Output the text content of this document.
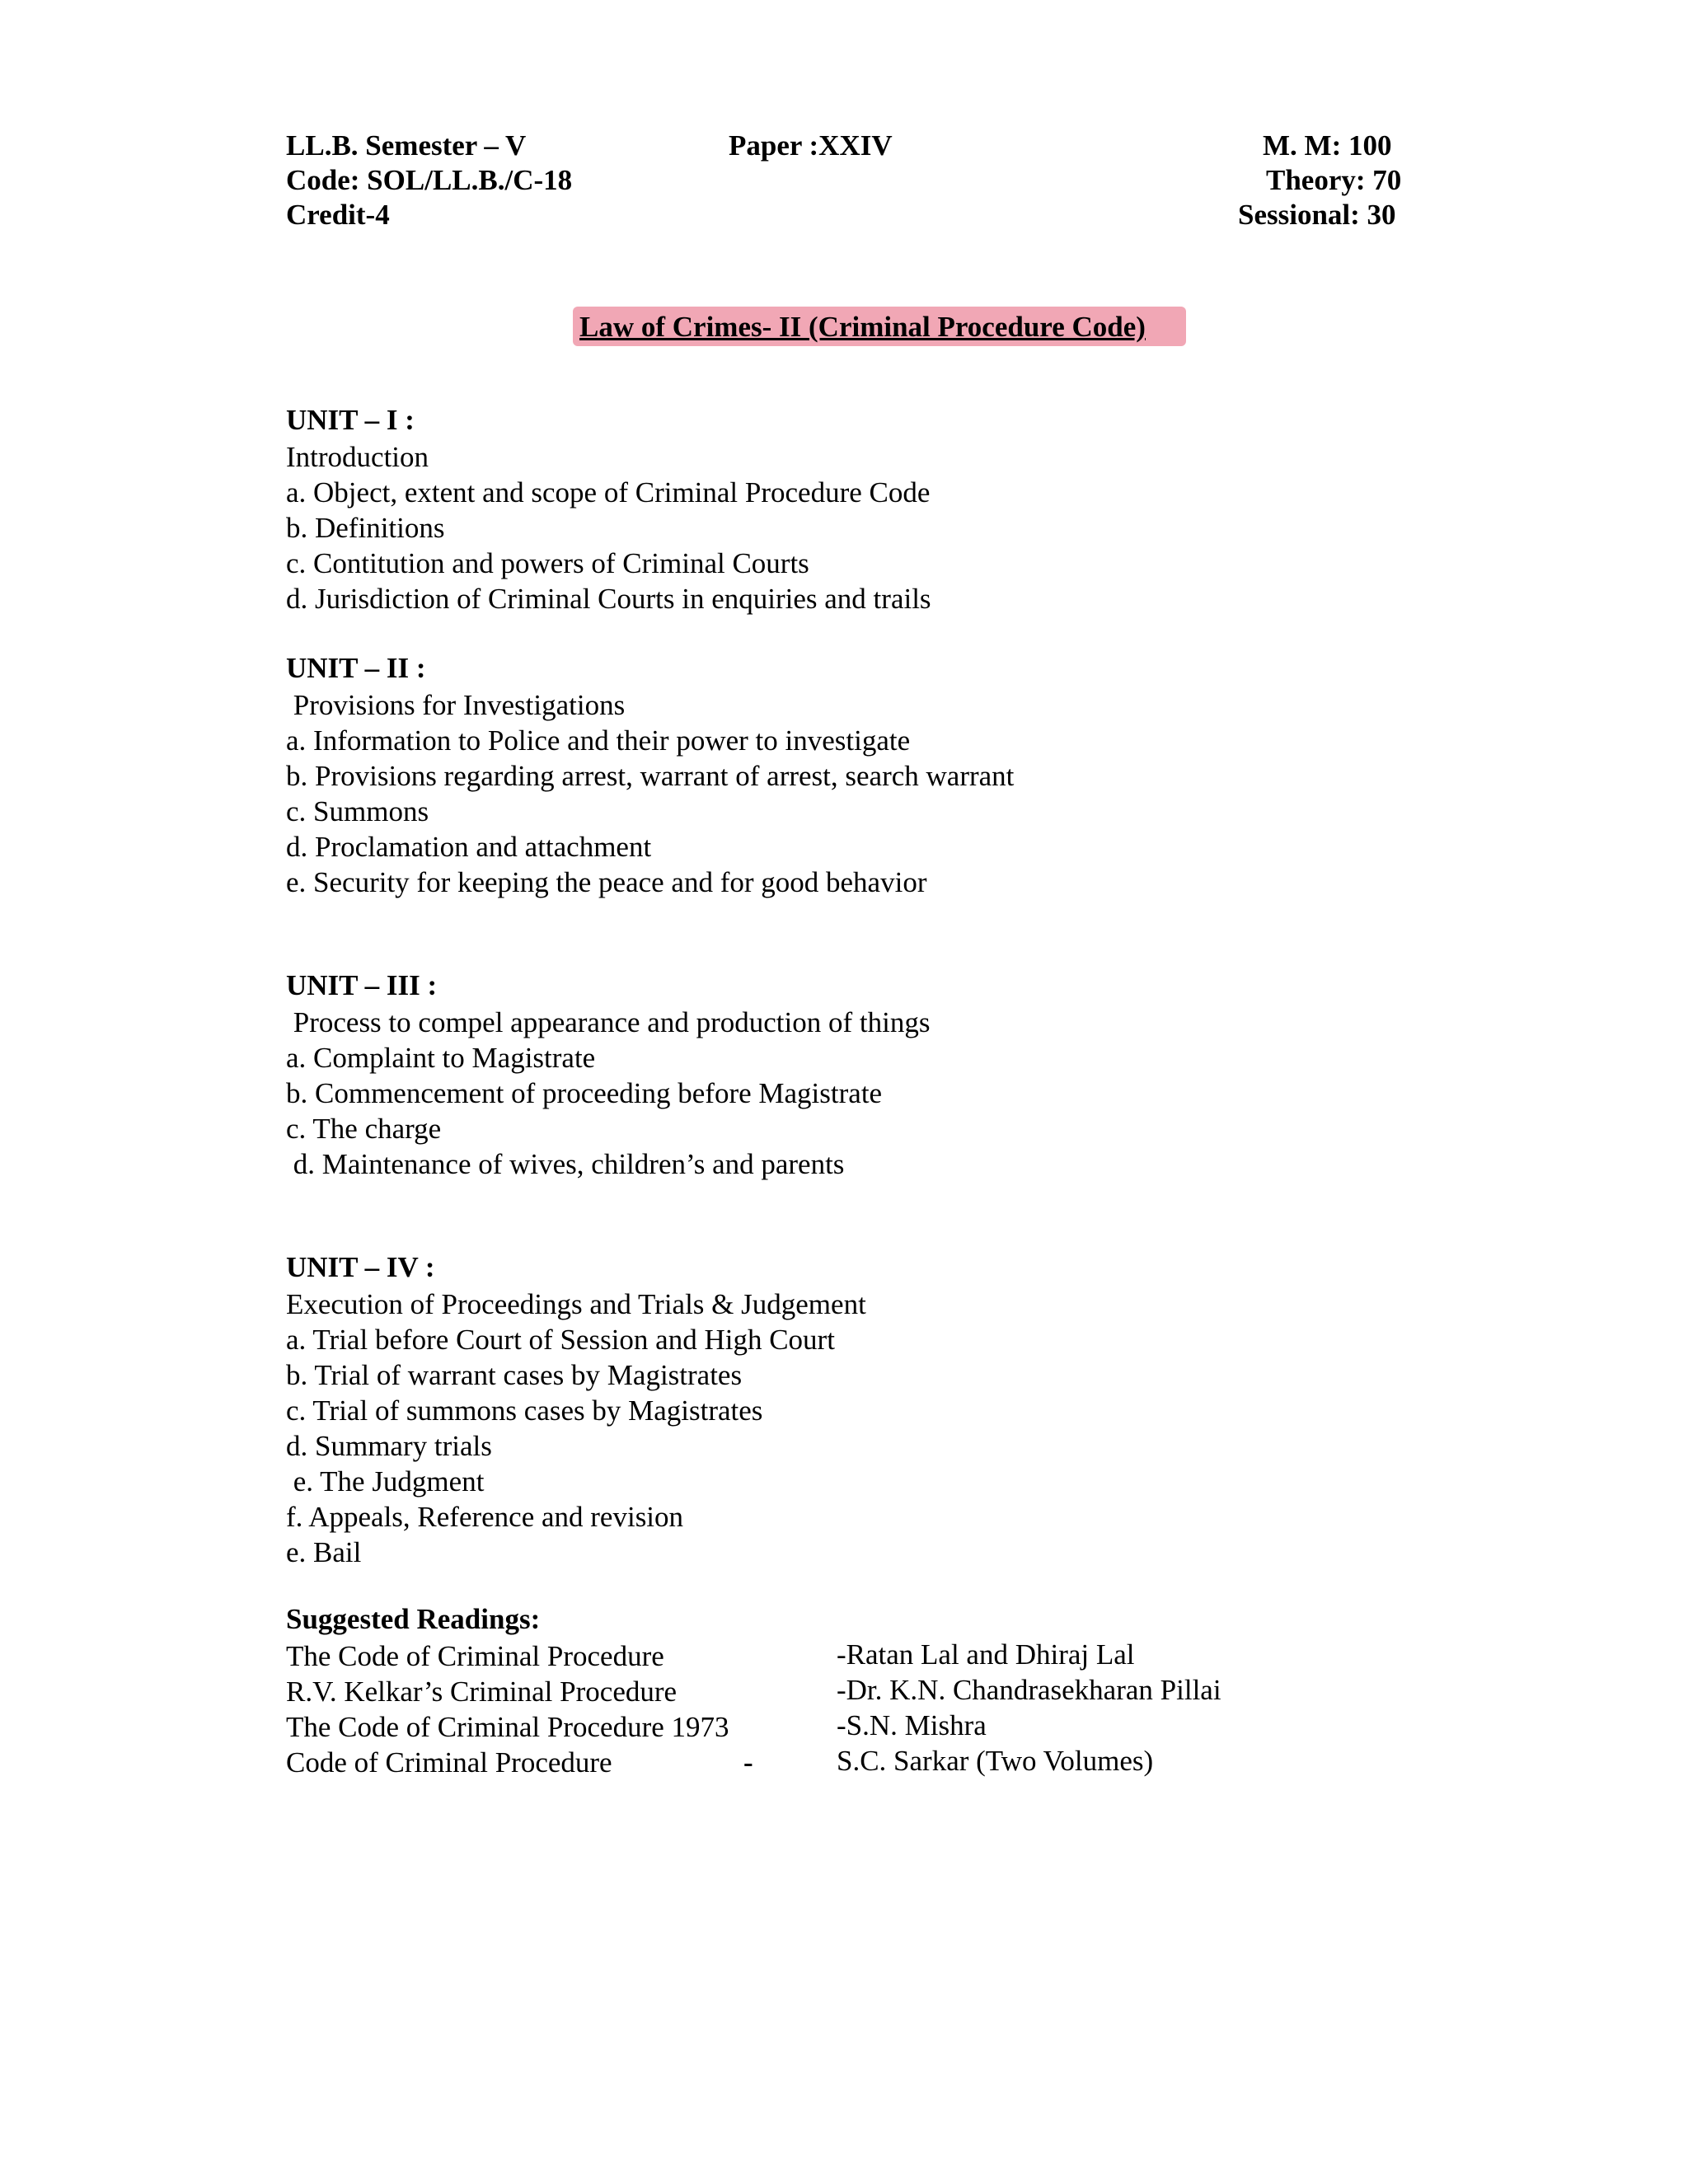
LL.B. Semester – V	Paper :XXIV	M. M: 100
Code: SOL/LL.B./C-18	Theory: 70
Credit-4	Sessional: 30
Law of Crimes- II (Criminal Procedure Code)
UNIT – I :
Introduction
a. Object, extent and scope of Criminal Procedure Code
b. Definitions
c. Contitution and powers of Criminal Courts
d. Jurisdiction of Criminal Courts in enquiries and trails
UNIT – II :
Provisions for Investigations
a. Information to Police and their power to investigate
b. Provisions regarding arrest, warrant of arrest, search warrant
c. Summons
d. Proclamation and attachment
e. Security for keeping the peace and for good behavior
UNIT – III :
Process to compel appearance and production of things
a. Complaint to Magistrate
b. Commencement of proceeding before Magistrate
c. The charge
d. Maintenance of wives, children’s and parents
UNIT – IV :
Execution of Proceedings and Trials & Judgement
a. Trial before Court of Session and High Court
b. Trial of warrant cases by Magistrates
c. Trial of summons cases by Magistrates
d. Summary trials
e. The Judgment
f. Appeals, Reference and revision
e. Bail
Suggested Readings:
The Code of Criminal Procedure	-Ratan Lal and Dhiraj Lal
R.V. Kelkar’s Criminal Procedure	-Dr. K.N. Chandrasekharan Pillai
The Code of Criminal Procedure 1973	-S.N. Mishra
Code of Criminal Procedure	-	S.C. Sarkar (Two Volumes)
